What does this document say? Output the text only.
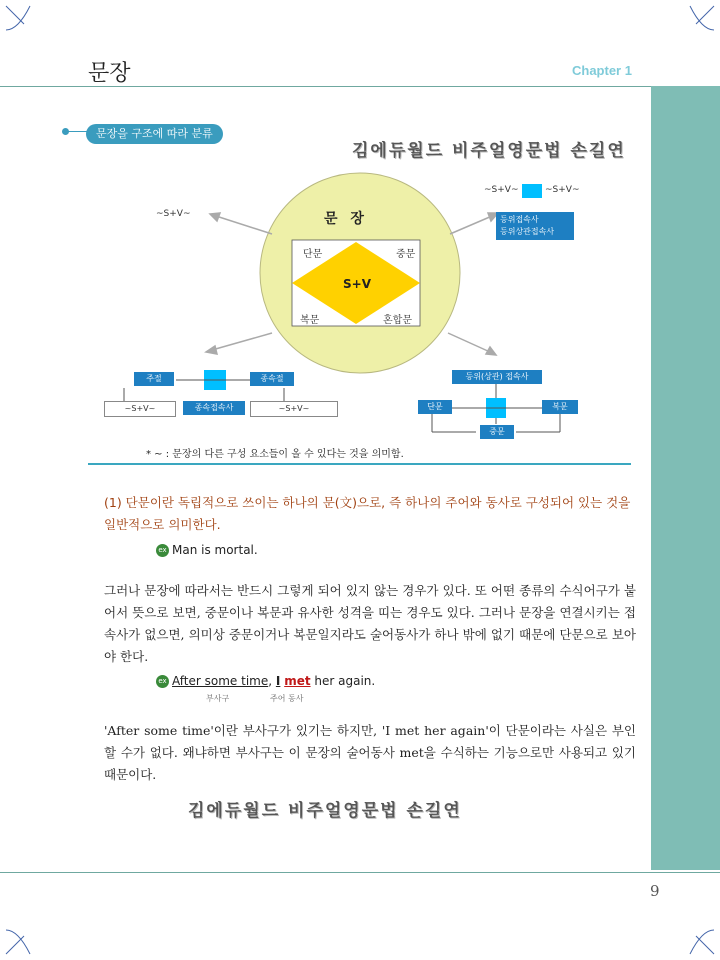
문장	Chapter 1
문장을 구조에 따라 분류
김에듀월드 비주얼영문법 손길연
문 장
S+V
단문	중문
복문	혼합문
~S+V~
~S+V~	~S+V~
등위접속사
등위상관접속사
주절	종속절
~S+V~	종속접속사	~S+V~
등위(상관) 접속사
단문	복문
중문
* ~ : 문장의 다른 구성 요소들이 올 수 있다는 것을 의미함.
(1) 단문이란 독립적으로 쓰이는 하나의 문(文)으로, 즉 하나의 주어와 동사로 구성되어 있는 것을 일반적으로 의미한다.
ex Man is mortal.
그러나 문장에 따라서는 반드시 그렇게 되어 있지 않는 경우가 있다. 또 어떤 종류의 수식어구가 붙어서 뜻으로 보면, 중문이나 복문과 유사한 성격을 띠는 경우도 있다. 그러나 문장을 연결시키는 접속사가 없으면, 의미상 중문이거나 복문일지라도 술어동사가 하나 밖에 없기 때문에 단문으로 보아야 한다.
ex After some time, I met her again.
부사구	주어 동사
'After some time'이란 부사구가 있기는 하지만, 'I met her again'이 단문이라는 사실은 부인할 수가 없다. 왜냐하면 부사구는 이 문장의 술어동사 met을 수식하는 기능으로만 사용되고 있기 때문이다.
김에듀월드 비주얼영문법 손길연
9
